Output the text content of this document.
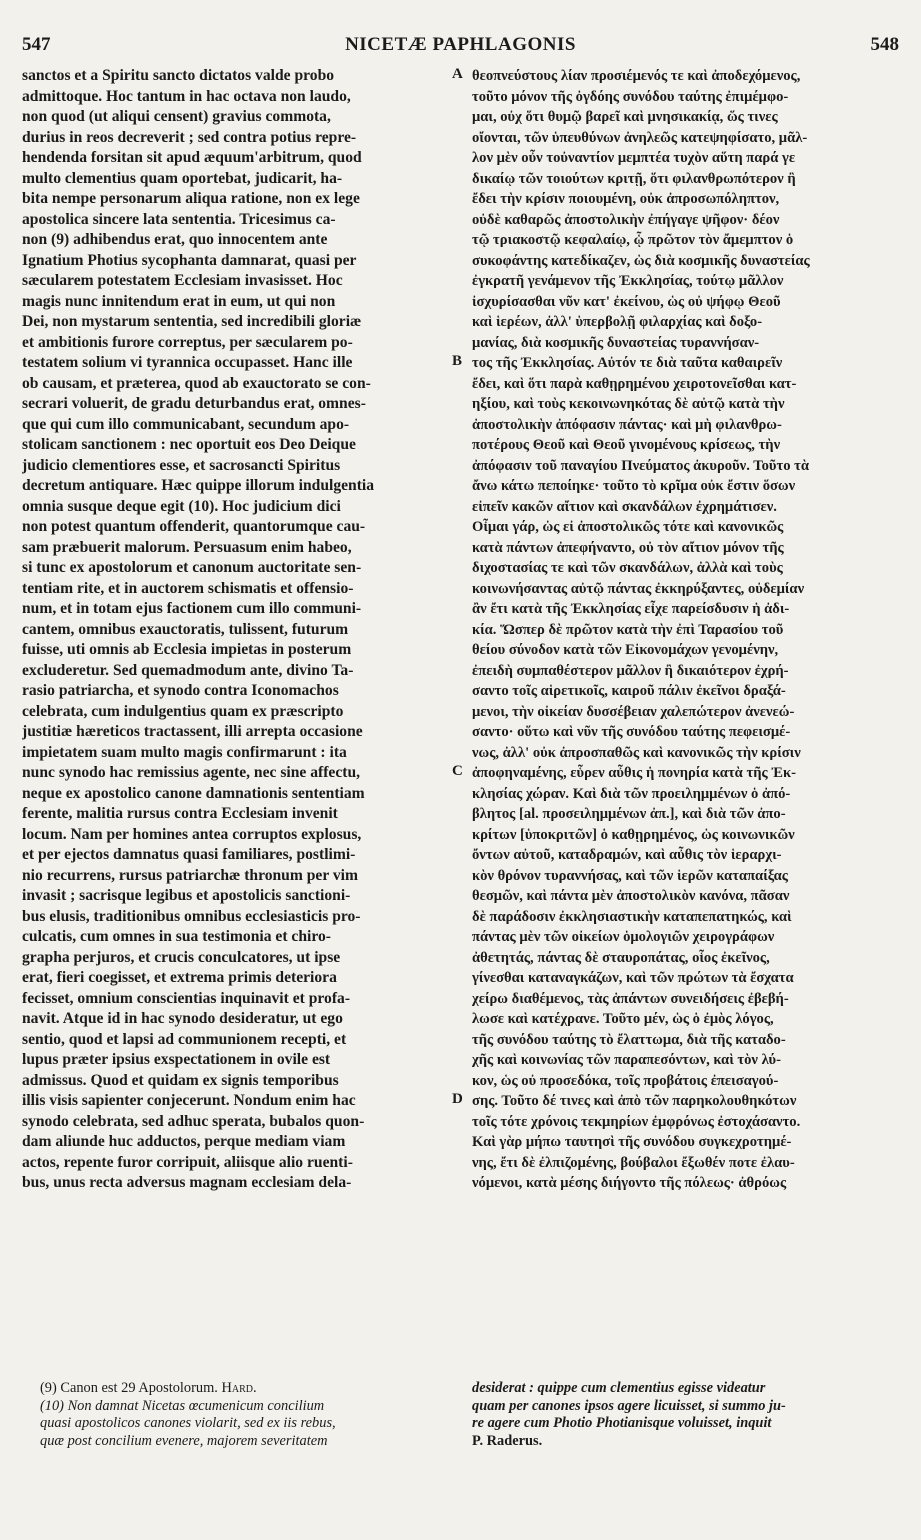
547	NICETÆ PAPHLAGONIS	548
sanctos et a Spiritu sancto dictatos valde probo
admittoque. Hoc tantum in hac octava non laudo,
non quod (ut aliqui censent) gravius commota,
durius in reos decreverit ; sed contra potius repre-
hendenda forsitan sit apud æquum'arbitrum, quod
multo clementius quam oportebat, judicarit, ha-
bita nempe personarum aliqua ratione, non ex lege
apostolica sincere lata sententia. Tricesimus ca-
non (9) adhibendus erat, quo innocentem ante
Ignatium Photius sycophanta damnarat, quasi per
sæcularem potestatem Ecclesiam invasisset. Hoc
magis nunc innitendum erat in eum, ut qui non
Dei, non mystarum sententia, sed incredibili gloriæ
et ambitionis furore correptus, per sæcularem po-
testatem solium vi tyrannica occupasset. Hanc ille
ob causam, et præterea, quod ab exauctorato se con-
secrari voluerit, de gradu deturbandus erat, omnes-
que qui cum illo communicabant, secundum apo-
stolicam sanctionem : nec oportuit eos Deo Deique
judicio clementiores esse, et sacrosancti Spiritus
decretum antiquare. Hæc quippe illorum indulgentia
omnia susque deque egit (10). Hoc judicium dici
non potest quantum offenderit, quantorumque cau-
sam præbuerit malorum. Persuasum enim habeo,
si tunc ex apostolorum et canonum auctoritate sen-
tentiam rite, et in auctorem schismatis et offensio-
num, et in totam ejus factionem cum illo communi-
cantem, omnibus exauctoratis, tulissent, futurum
fuisse, uti omnis ab Ecclesia impietas in posterum
excluderetur. Sed quemadmodum ante, divino Ta-
rasio patriarcha, et synodo contra Iconomachos
celebrata, cum indulgentius quam ex præscripto
justitiæ hæreticos tractassent, illi arrepta occasione
impietatem suam multo magis confirmarunt : ita
nunc synodo hac remissius agente, nec sine affectu,
neque ex apostolico canone damnationis sententiam
ferente, malitia rursus contra Ecclesiam invenit
locum. Nam per homines antea corruptos explosus,
et per ejectos damnatus quasi familiares, postlimi-
nio recurrens, rursus patriarchæ thronum per vim
invasit ; sacrisque legibus et apostolicis sanctioni-
bus elusis, traditionibus omnibus ecclesiasticis pro-
culcatis, cum omnes in sua testimonia et chiro-
grapha perjuros, et crucis conculcatores, ut ipse
erat, fieri coegisset, et extrema primis deteriora
fecisset, omnium conscientias inquinavit et profa-
navit. Atque id in hac synodo desideratur, ut ego
sentio, quod et lapsi ad communionem recepti, et
lupus præter ipsius exspectationem in ovile est
admissus. Quod et quidam ex signis temporibus
illis visis sapienter conjecerunt. Nondum enim hac
synodo celebrata, sed adhuc sperata, bubalos quon-
dam aliunde huc adductos, perque mediam viam
actos, repente furor corripuit, aliisque alio ruenti-
bus, unus recta adversus magnam ecclesiam dela-
θεοπνεύστους λίαν προσιέμενός τε καὶ ἀποδεχόμενος,
τοῦτο μόνον τῆς ὀγδόης συνόδου ταύτης ἐπιμέμφο-
μαι, οὐχ ὅτι θυμῷ βαρεῖ καὶ μνησικακίᾳ, ὥς τινες
οἴονται, τῶν ὑπευθύνων ἀνηλεῶς κατεψηφίσατο, μᾶλ-
λον μὲν οὖν τοὐναντίον μεμπτέα τυχὸν αὕτη παρά γε
δικαίῳ τῶν τοιούτων κριτῇ, ὅτι φιλανθρωπότερον ἢ
ἔδει τὴν κρίσιν ποιουμένη, οὐκ ἀπροσωπόληπτον,
οὐδὲ καθαρῶς ἀποστολικὴν ἐπήγαγε ψῆφον· δέον
τῷ τριακοστῷ κεφαλαίῳ, ᾧ πρῶτον τὸν ἄμεμπτον ὁ
συκοφάντης κατεδίκαζεν, ὡς διὰ κοσμικῆς δυναστείας
ἐγκρατῆ γενάμενον τῆς Ἐκκλησίας, τούτῳ μᾶλλον
ἰσχυρίσασθαι νῦν κατ' ἐκείνου, ὡς οὐ ψήφῳ Θεοῦ
καὶ ἱερέων, ἀλλ' ὑπερβολῇ φιλαρχίας καὶ δοξο-
μανίας, διὰ κοσμικῆς δυναστείας τυραννήσαν-
τος τῆς Ἐκκλησίας. Αὐτόν τε διὰ ταῦτα καθαιρεῖν
ἔδει, καὶ ὅτι παρὰ καθῃρημένου χειροτονεῖσθαι κατ-
ηξίου, καὶ τοὺς κεκοινωνηκότας δὲ αὐτῷ κατὰ τὴν
ἀποστολικὴν ἀπόφασιν πάντας· καὶ μὴ φιλανθρω-
ποτέρους Θεοῦ καὶ Θεοῦ γινομένους κρίσεως, τὴν
ἀπόφασιν τοῦ παναγίου Πνεύματος ἀκυροῦν. Τοῦτο τὰ
ἄνω κάτω πεποίηκε· τοῦτο τὸ κρῖμα οὐκ ἔστιν ὅσων
εἰπεῖν κακῶν αἴτιον καὶ σκανδάλων ἐχρημάτισεν.
Οἶμαι γάρ, ὡς εἰ ἀποστολικῶς τότε καὶ κανονικῶς
κατὰ πάντων ἀπεφήναντο, οὐ τὸν αἴτιον μόνον τῆς
διχοστασίας τε καὶ τῶν σκανδάλων, ἀλλὰ καὶ τοὺς
κοινωνήσαντας αὐτῷ πάντας ἐκκηρύξαντες, οὐδεμίαν
ἂν ἔτι κατὰ τῆς Ἐκκλησίας εἶχε παρείσδυσιν ἡ ἀδι-
κία. Ὥσπερ δὲ πρῶτον κατὰ τὴν ἐπὶ Ταρασίου τοῦ
θείου σύνοδον κατὰ τῶν Εἰκονομάχων γενομένην,
ἐπειδὴ συμπαθέστερον μᾶλλον ἢ δικαιότερον ἐχρή-
σαντο τοῖς αἱρετικοῖς, καιροῦ πάλιν ἐκεῖνοι δραξά-
μενοι, τὴν οἰκείαν δυσσέβειαν χαλεπώτερον ἀνενεώ-
σαντο· οὕτω καὶ νῦν τῆς συνόδου ταύτης πεφεισμέ-
νως, ἀλλ' οὐκ ἀπροσπαθῶς καὶ κανονικῶς τὴν κρίσιν
ἀποφηναμένης, εὗρεν αὖθις ἡ πονηρία κατὰ τῆς Ἐκ-
κλησίας χώραν. Καὶ διὰ τῶν προειλημμένων ὁ ἀπό-
βλητος [al. προσειλημμένων ἀπ.], καὶ διὰ τῶν ἀπο-
κρίτων [ὑποκριτῶν] ὁ καθῃρημένος, ὡς κοινωνικῶν
ὄντων αὐτοῦ, καταδραμών, καὶ αὖθις τὸν ἱεραρχι-
κὸν θρόνον τυραννήσας, καὶ τῶν ἱερῶν καταπαίξας
θεσμῶν, καὶ πάντα μὲν ἀποστολικὸν κανόνα, πᾶσαν
δὲ παράδοσιν ἐκκλησιαστικὴν καταπεπατηκώς, καὶ
πάντας μὲν τῶν οἰκείων ὁμολογιῶν χειρογράφων
ἀθετητάς, πάντας δὲ σταυροπάτας, οἷος ἐκεῖνος,
γίνεσθαι καταναγκάζων, καὶ τῶν πρώτων τὰ ἔσχατα
χείρω διαθέμενος, τὰς ἁπάντων συνειδήσεις ἐβεβή-
λωσε καὶ κατέχρανε. Τοῦτο μέν, ὡς ὁ ἐμὸς λόγος,
τῆς συνόδου ταύτης τὸ ἔλαττωμα, διὰ τῆς καταδο-
χῆς καὶ κοινωνίας τῶν παραπεσόντων, καὶ τὸν λύ-
κον, ὡς οὐ προσεδόκα, τοῖς προβάτοις ἐπεισαγού-
σης. Τοῦτο δέ τινες καὶ ἀπὸ τῶν παρηκολουθηκότων
τοῖς τότε χρόνοις τεκμηρίων ἐμφρόνως ἐστοχάσαντο.
Καὶ γὰρ μήπω ταυτησὶ τῆς συνόδου συγκεχροτημέ-
νης, ἔτι δὲ ἐλπιζομένης, βούβαλοι ἔξωθέν ποτε ἐλαυ-
νόμενοι, κατὰ μέσης διήγοντο τῆς πόλεως· ἀθρόως
A
B
C
D
(9) Canon est 29 Apostolorum. Hard.
(10) Non damnat Nicetas œcumenicum concilium
quasi apostolicos canones violarit, sed ex iis rebus,
quæ post concilium evenere, majorem severitatem
desiderat : quippe cum clementius egisse videatur
quam per canones ipsos agere licuisset, si summo ju-
re agere cum Photio Photianisque voluisset, inquit
P. Raderus.
